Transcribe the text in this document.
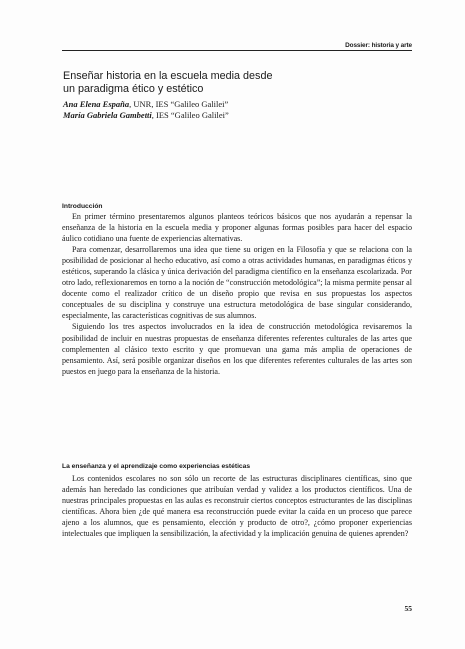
Dossier: historia y arte
Enseñar historia en la escuela media desde
un paradigma ético y estético
Ana Elena España, UNR, IES “Galileo Galilei”
María Gabriela Gambetti, IES “Galileo Galilei”
Introducción

En primer término presentaremos algunos planteos teóricos básicos que nos ayudarán a repensar la enseñanza de la historia en la escuela media y proponer algunas formas posibles para hacer del espacio áulico cotidiano una fuente de experiencias alternativas.

Para comenzar, desarrollaremos una idea que tiene su origen en la Filosofía y que se relaciona con la posibilidad de posicionar al hecho educativo, así como a otras actividades humanas, en paradigmas éticos y estéticos, superando la clásica y única derivación del paradigma científico en la enseñanza escolarizada. Por otro lado, reflexionaremos en torno a la noción de “construcción metodológica”; la misma permite pensar al docente como el realizador crítico de un diseño propio que revisa en sus propuestas los aspectos conceptuales de su disciplina y construye una estructura metodológica de base singular considerando, especialmente, las características cognitivas de sus alumnos.

Siguiendo los tres aspectos involucrados en la idea de construcción metodológica revisaremos la posibilidad de incluir en nuestras propuestas de enseñanza diferentes referentes culturales de las artes que complementen al clásico texto escrito y que promuevan una gama más amplia de operaciones de pensamiento. Así, será posible organizar diseños en los que diferentes referentes culturales de las artes son puestos en juego para la enseñanza de la historia.

La enseñanza y el aprendizaje como experiencias estéticas

Los contenidos escolares no son sólo un recorte de las estructuras disciplinares científicas, sino que además han heredado las condiciones que atribuían verdad y validez a los productos científicos. Una de nuestras principales propuestas en las aulas es reconstruir ciertos conceptos estructurantes de las disciplinas científicas. Ahora bien ¿de qué manera esa reconstrucción puede evitar la caída en un proceso que parece ajeno a los alumnos, que es pensamiento, elección y producto de otro?, ¿cómo proponer experiencias intelectuales que impliquen la sensibilización, la afectividad y la implicación genuina de quienes aprenden?

55
